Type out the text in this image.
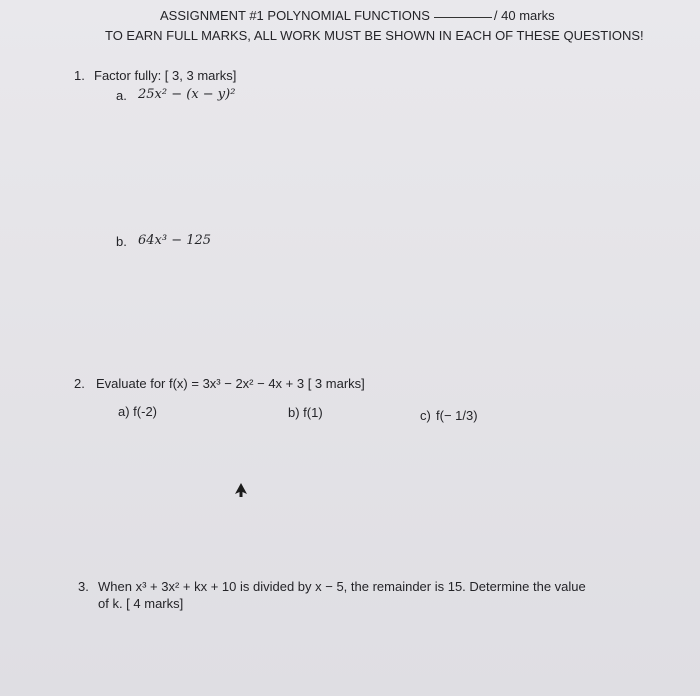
ASSIGNMENT #1 POLYNOMIAL FUNCTIONS	/ 40 marks
TO EARN FULL MARKS, ALL WORK MUST BE SHOWN IN EACH OF THESE QUESTIONS!
1. Factor fully: [ 3, 3 marks]
a. 25x² − (x − y)²
b. 64x³ − 125
2. Evaluate for f(x) = 3x³ − 2x² − 4x + 3 [ 3 marks]
a) f(-2)	b) f(1)	c) f(− 1/3)
3. When x³ + 3x² + kx + 10 is divided by x − 5, the remainder is 15. Determine the value
of k. [ 4 marks]
